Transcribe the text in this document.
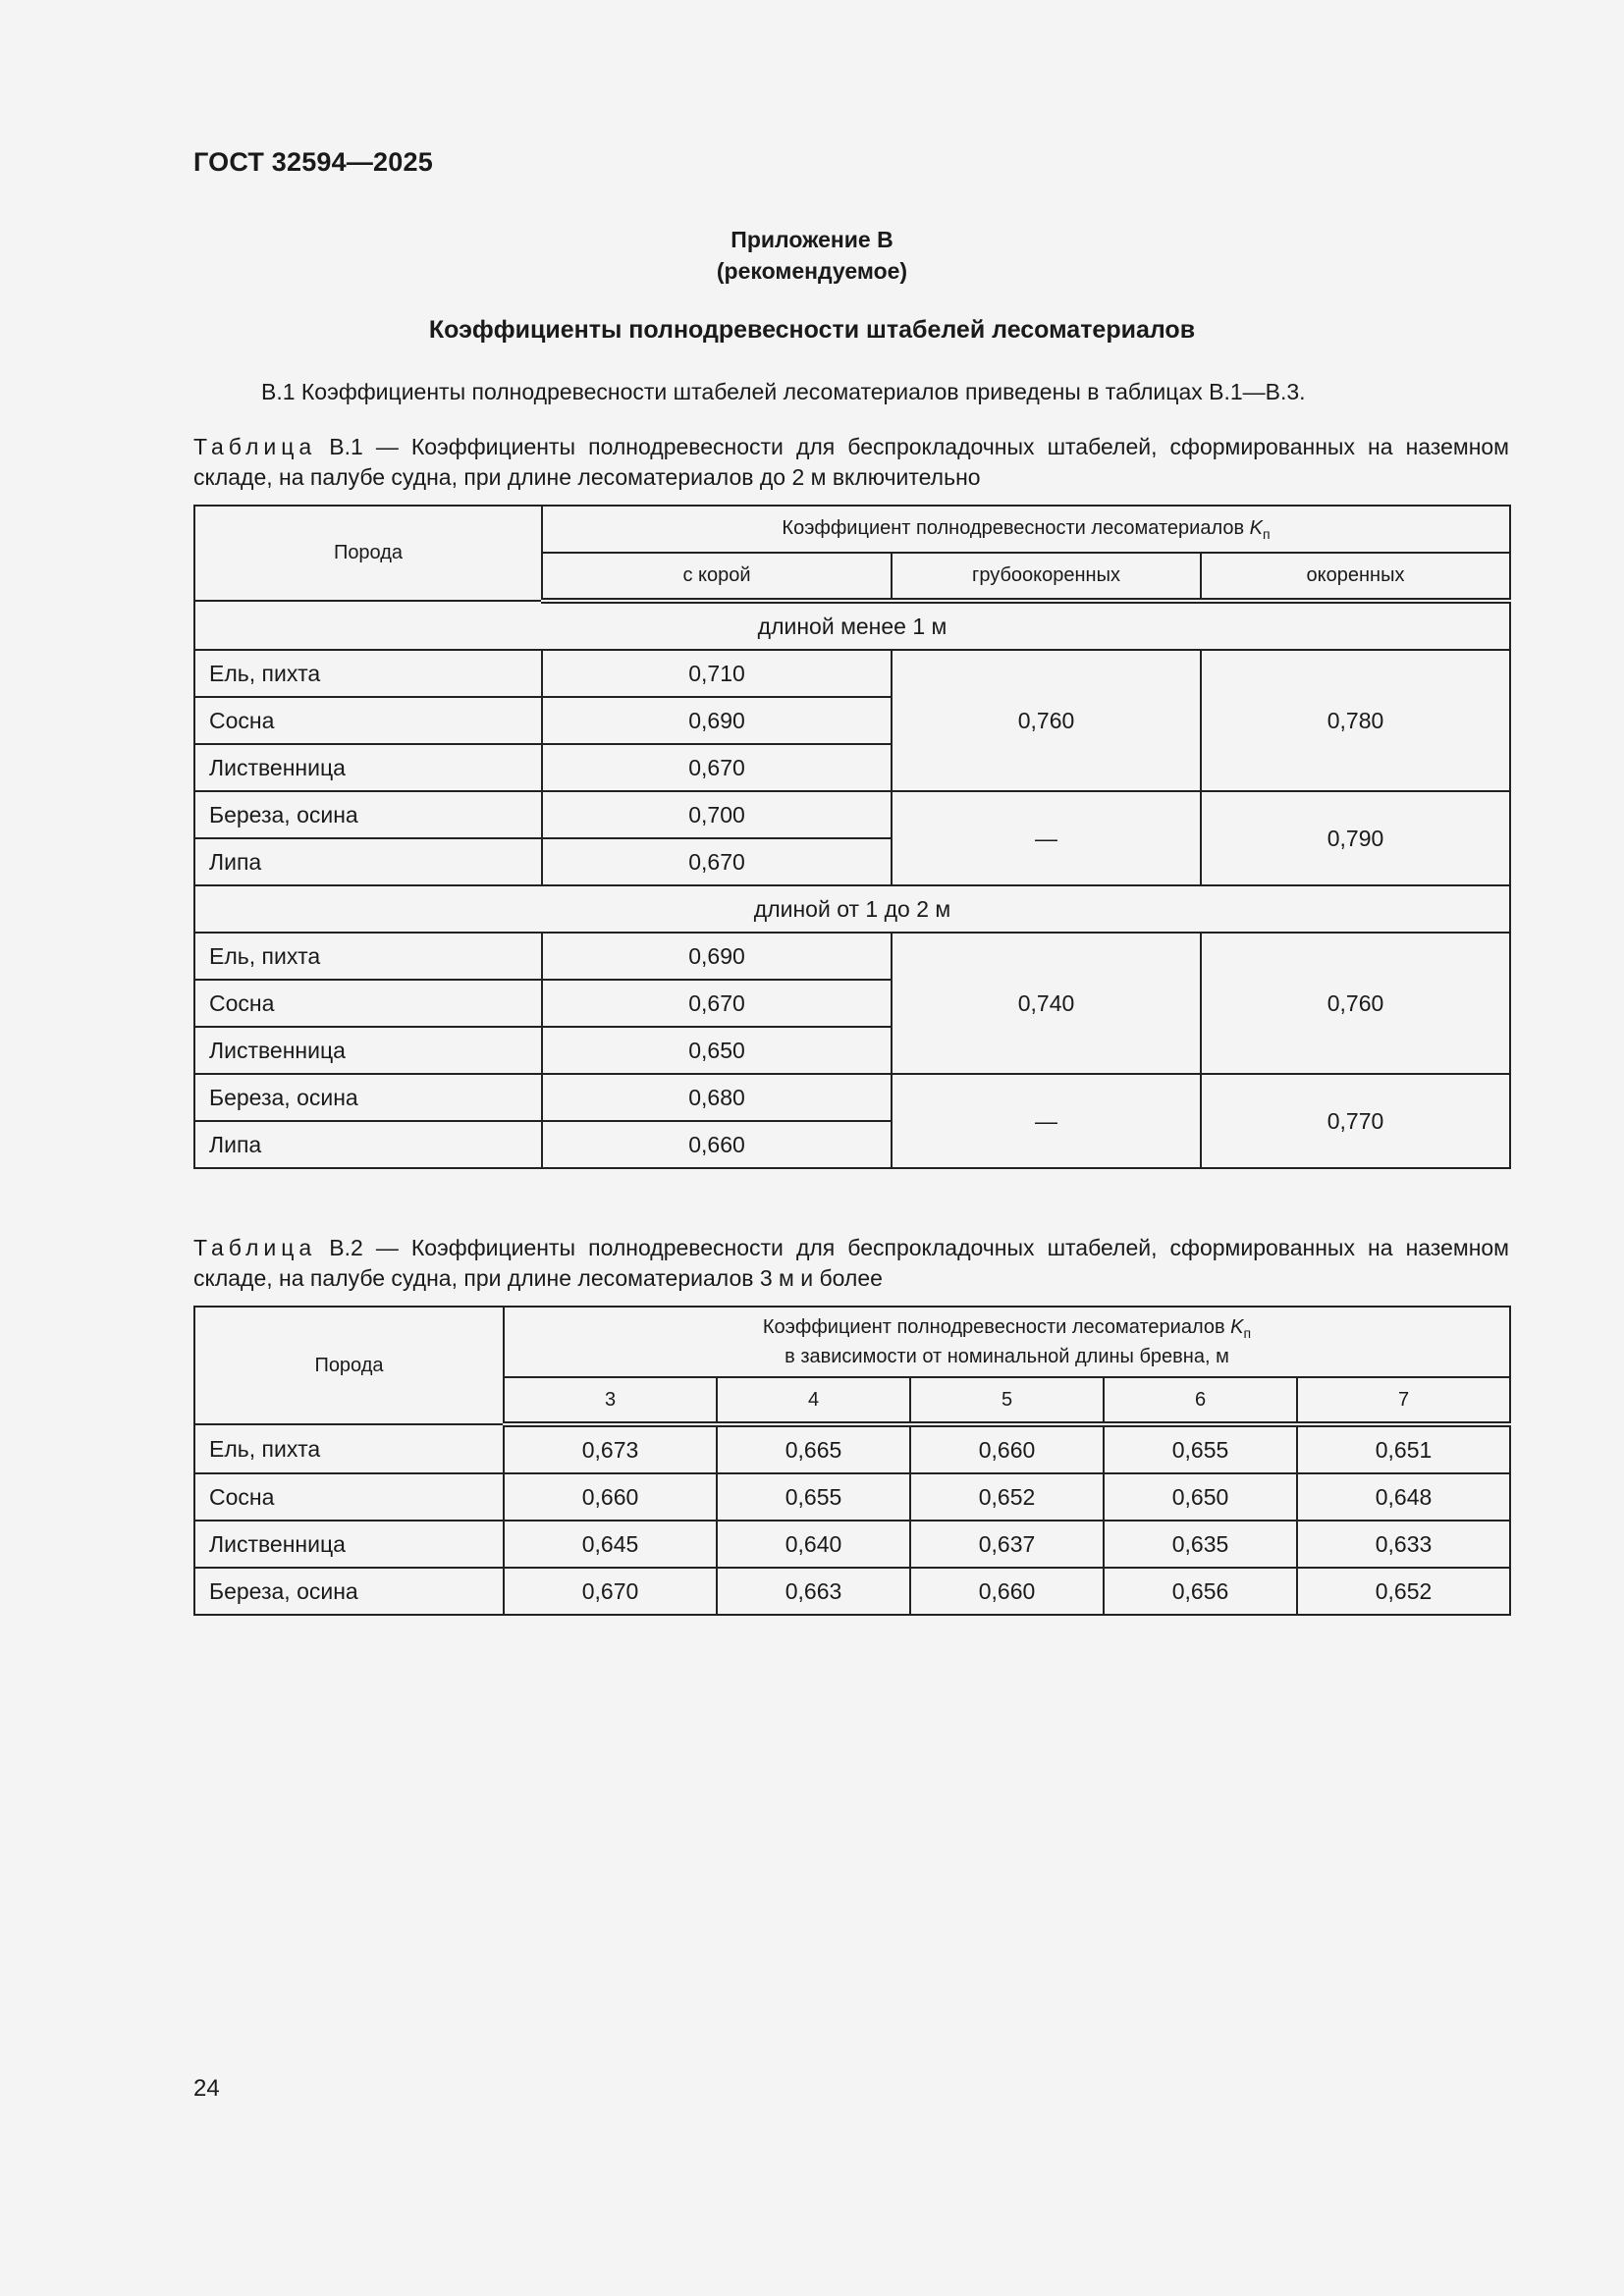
ГОСТ 32594—2025
Приложение В
(рекомендуемое)
Коэффициенты полнодревесности штабелей лесоматериалов
В.1 Коэффициенты полнодревесности штабелей лесоматериалов приведены в таблицах В.1—В.3.
Таблица В.1 — Коэффициенты полнодревесности для беспрокладочных штабелей, сформированных на наземном складе, на палубе судна, при длине лесоматериалов до 2 м включительно
Порода	Коэффициент полнодревесности лесоматериалов $K_п$
	с корой	грубоокоренных	окоренных
длиной менее 1 м			
Ель, пихта	0,710	0,760	0,780
Сосна	0,690		
Лиственница	0,670		
Береза, осина	0,700	—	0,790
Липа	0,670		
длиной от 1 до 2 м			
Ель, пихта	0,690	0,740	0,760
Сосна	0,670		
Лиственница	0,650		
Береза, осина	0,680	—	0,770
Липа	0,660		
Таблица В.2 — Коэффициенты полнодревесности для беспрокладочных штабелей, сформированных на наземном складе, на палубе судна, при длине лесоматериалов 3 м и более
Порода	Коэффициент полнодревесности лесоматериалов $K_п$
в зависимости от номинальной длины бревна, м				
	3	4	5	6	7
Ель, пихта	0,673	0,665	0,660	0,655	0,651
Сосна	0,660	0,655	0,652	0,650	0,648
Лиственница	0,645	0,640	0,637	0,635	0,633
Береза, осина	0,670	0,663	0,660	0,656	0,652
24
